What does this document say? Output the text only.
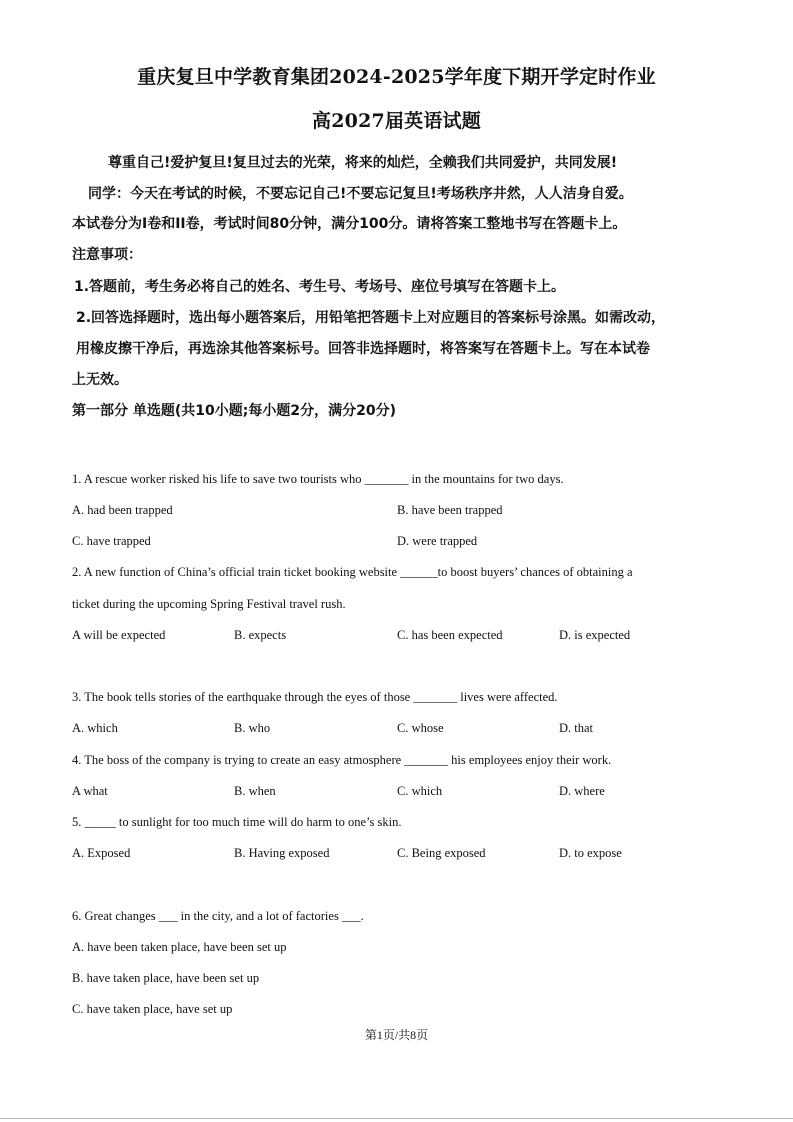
重庆复旦中学教育集团2024-2025学年度下期开学定时作业
高2027届英语试题
尊重自己!爱护复旦!复旦过去的光荣，将来的灿烂，全赖我们共同爱护，共同发展!
同学：今天在考试的时候，不要忘记自己!不要忘记复旦!考场秩序井然，人人洁身自爱。
本试卷分为I卷和II卷，考试时间80分钟，满分100分。请将答案工整地书写在答题卡上。
注意事项：
1.答题前，考生务必将自己的姓名、考生号、考场号、座位号填写在答题卡上。
2.回答选择题时，选出每小题答案后，用铅笔把答题卡上对应题目的答案标号涂黑。如需改动，
用橡皮擦干净后，再选涂其他答案标号。回答非选择题时，将答案写在答题卡上。写在本试卷
上无效。
第一部分 单选题(共10小题;每小题2分，满分20分)
1. A rescue worker risked his life to save two tourists who _______ in the mountains for two days.
A. had been trapped	B. have been trapped
C. have trapped	D. were trapped
2. A new function of China’s official train ticket booking website ______to boost buyers’ chances of obtaining a
ticket during the upcoming Spring Festival travel rush.
A will be expected	B. expects	C. has been expected	D. is expected
3. The book tells stories of the earthquake through the eyes of those _______ lives were affected.
A. which	B. who	C. whose	D. that
4. The boss of the company is trying to create an easy atmosphere _______ his employees enjoy their work.
A what	B. when	C. which	D. where
5. _____ to sunlight for too much time will do harm to one’s skin.
A. Exposed	B. Having exposed	C. Being exposed	D. to expose
6. Great changes ___ in the city, and a lot of factories ___.
A. have been taken place, have been set up
B. have taken place, have been set up
C. have taken place, have set up
第1页/共8页
